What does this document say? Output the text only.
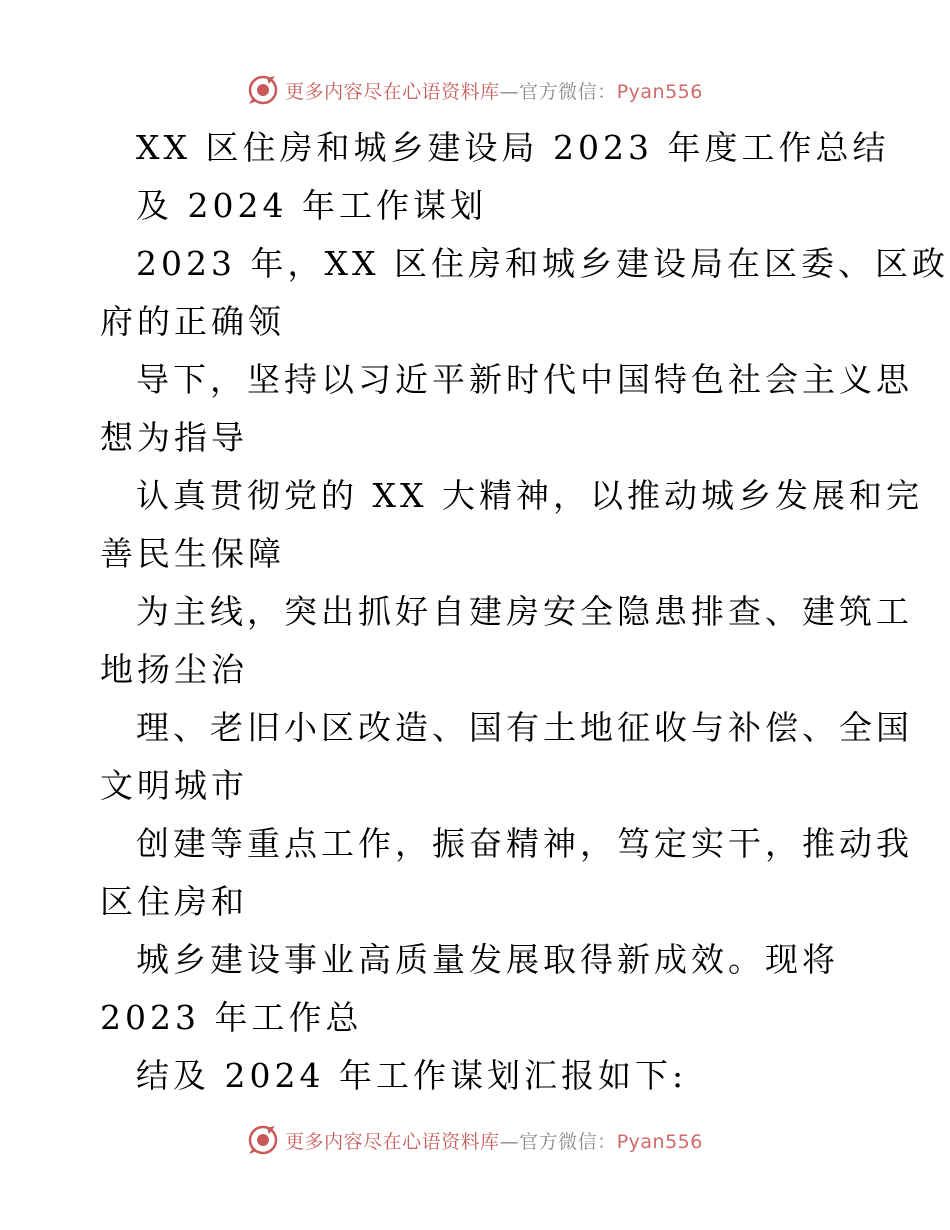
更多内容尽在心语资料库 — 官方微信： Pyan556
XX 区住房和城乡建设局 2023 年度工作总结
及 2024 年工作谋划
2023 年，XX 区住房和城乡建设局在区委、区政
府的正确领
导下，坚持以习近平新时代中国特色社会主义思
想为指导
认真贯彻党的 XX 大精神，以推动城乡发展和完
善民生保障
为主线，突出抓好自建房安全隐患排查、建筑工
地扬尘治
理、老旧小区改造、国有土地征收与补偿、全国
文明城市
创建等重点工作，振奋精神，笃定实干，推动我
区住房和
城乡建设事业高质量发展取得新成效。现将
2023 年工作总
结及 2024 年工作谋划汇报如下:
更多内容尽在心语资料库 — 官方微信： Pyan556
